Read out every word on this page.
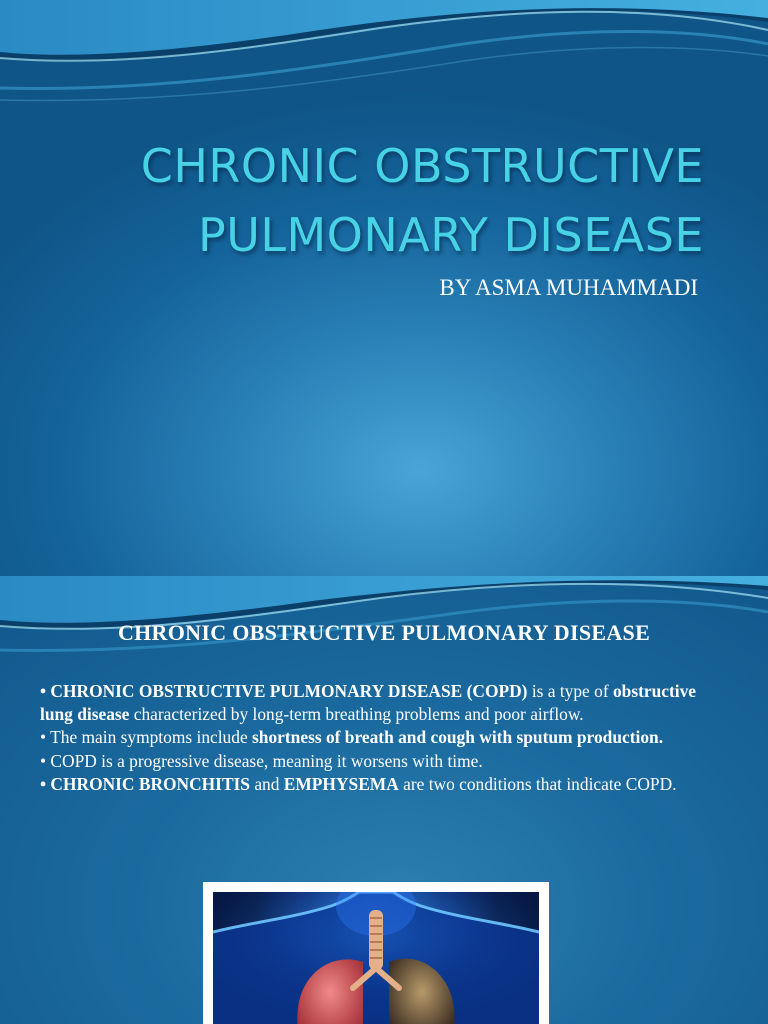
CHRONIC OBSTRUCTIVE
PULMONARY DISEASE
BY ASMA MUHAMMADI
CHRONIC OBSTRUCTIVE PULMONARY DISEASE

• CHRONIC OBSTRUCTIVE PULMONARY DISEASE (COPD) is a type of obstructive lung disease characterized by long-term breathing problems and poor airflow.

• The main symptoms include shortness of breath and cough with sputum production.

• COPD is a progressive disease, meaning it worsens with time.

• CHRONIC BRONCHITIS and EMPHYSEMA are two conditions that indicate COPD.
